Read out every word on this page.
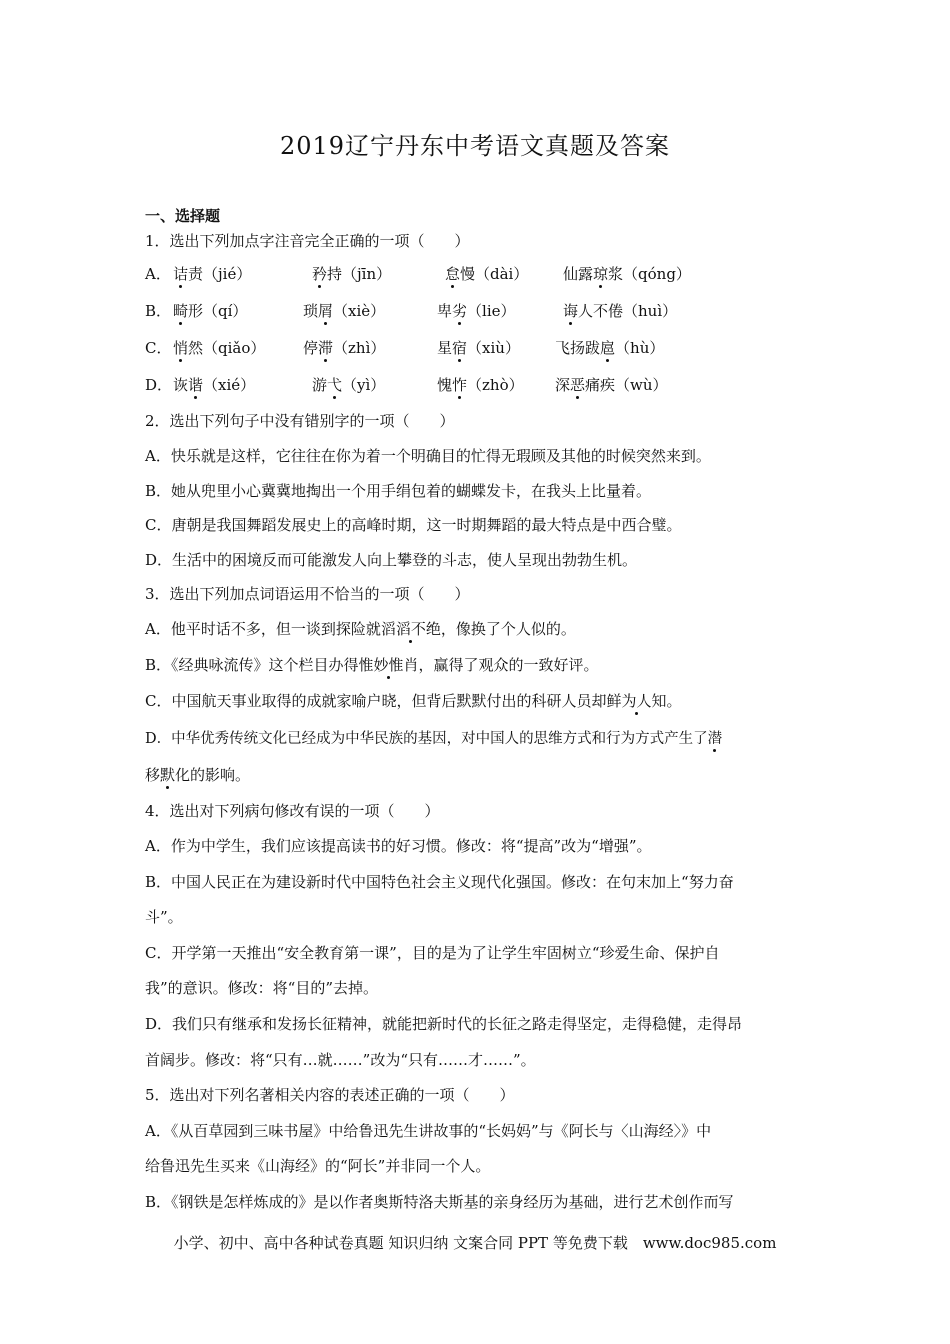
2019辽宁丹东中考语文真题及答案
一、选择题
1．选出下列加点字注音完全正确的一项（　　）
A． 诘责（jié）	矜持（jīn）	怠慢（dài） 仙露琼浆（qóng）
B． 畸形（qí）	琐屑（xiè）	卑劣（lie）	诲人不倦（huì）
C． 悄然（qiǎo）	停滞（zhì）	星宿（xiù） 飞扬跋扈（hù）
D． 诙谐（xié）	游弋（yì）	愧怍（zhò） 深恶痛疾（wù）
2．选出下列句子中没有错别字的一项（　　）
A．快乐就是这样，它往往在你为着一个明确目的忙得无瑕顾及其他的时候突然来到。
B．她从兜里小心冀冀地掏出一个用手绢包着的蝴蝶发卡，在我头上比量着。
C．唐朝是我国舞蹈发展史上的高峰时期，这一时期舞蹈的最大特点是中西合璧。
D．生活中的困境反而可能激发人向上攀登的斗志，使人呈现出勃勃生机。
3．选出下列加点词语运用不恰当的一项（　　）
A．他平时话不多，但一谈到探险就滔滔不绝，像换了个人似的。
B．《经典咏流传》这个栏目办得惟妙惟肖，赢得了观众的一致好评。
C．中国航天事业取得的成就家喻户晓，但背后默默付出的科研人员却鲜为人知。
D．中华优秀传统文化已经成为中华民族的基因，对中国人的思维方式和行为方式产生了潜
移默化的影响。
4．选出对下列病句修改有误的一项（　　）
A．作为中学生，我们应该提高读书的好习惯。修改：将“提高”改为“增强”。
B．中国人民正在为建设新时代中国特色社会主义现代化强国。修改：在句末加上“努力奋
斗”。
C．开学第一天推出“安全教育第一课”，目的是为了让学生牢固树立“珍爱生命、保护自
我”的意识。修改：将“目的”去掉。
D．我们只有继承和发扬长征精神，就能把新时代的长征之路走得坚定，走得稳健，走得昂
首阔步。修改：将“只有…就……”改为“只有……才……”。
5．选出对下列名著相关内容的表述正确的一项（　　）
A．《从百草园到三味书屋》中给鲁迅先生讲故事的“长妈妈”与《阿长与〈山海经〉》中
给鲁迅先生买来《山海经》的“阿长”并非同一个人。
B．《钢铁是怎样炼成的》是以作者奥斯特洛夫斯基的亲身经历为基础，进行艺术创作而写
小学、初中、高中各种试卷真题 知识归纳 文案合同 PPT 等免费下载　www.doc985.com
